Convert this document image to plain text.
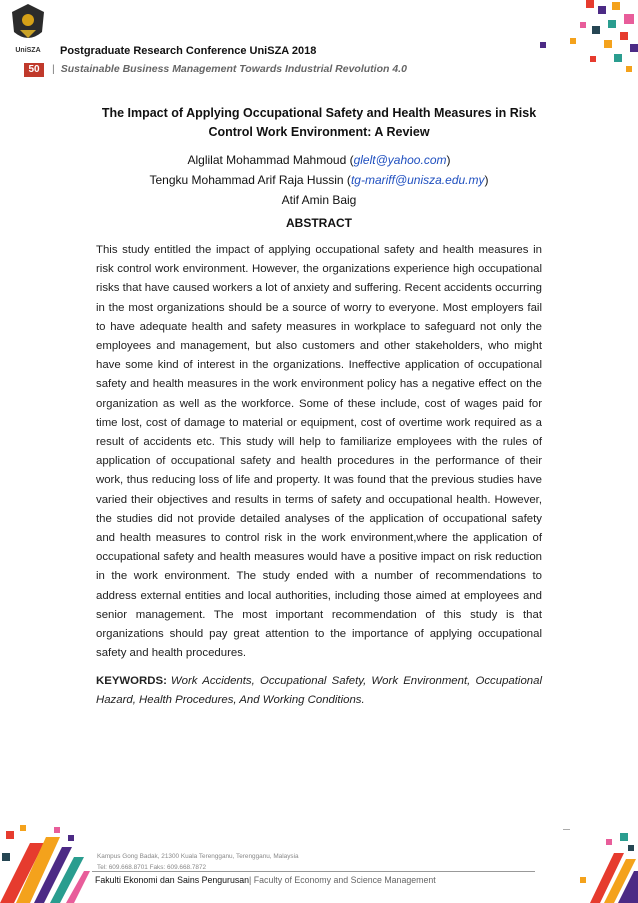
UniSZA Postgraduate Research Conference UniSZA 2018
50	| Sustainable Business Management Towards Industrial Revolution 4.0
The Impact of Applying Occupational Safety and Health Measures in Risk Control Work Environment: A Review
Alglilat Mohammad Mahmoud (glelt@yahoo.com)
Tengku Mohammad Arif Raja Hussin (tg-mariff@unisza.edu.my)
Atif Amin Baig
ABSTRACT

This study entitled the impact of applying occupational safety and health measures in risk control work environment. However, the organizations experience high occupational risks that have caused workers a lot of anxiety and suffering. Recent accidents occurring in the most organizations should be a source of worry to everyone. Most employers fail to have adequate health and safety measures in workplace to safeguard not only the employees and management, but also customers and other stakeholders, who might have some kind of interest in the organizations. Ineffective application of occupational safety and health measures in the work environment policy has a negative effect on the organization as well as the workforce. Some of these include, cost of wages paid for time lost, cost of damage to material or equipment, cost of overtime work required as a result of accidents etc. This study will help to familiarize employees with the rules of application of occupational safety and health procedures in the performance of their work, thus reducing loss of life and property. It was found that the previous studies have varied their objectives and results in terms of safety and occupational health. However, the studies did not provide detailed analyses of the application of occupational safety and health measures to control risk in the work environment,where the application of occupational safety and health measures would have a positive impact on risk reduction in the work environment. The study ended with a number of recommendations to address external entities and local authorities, including those aimed at employees and senior management. The most important recommendation of this study is that organizations should pay great attention to the importance of applying occupational safety and health procedures.

KEYWORDS: Work Accidents, Occupational Safety, Work Environment, Occupational Hazard, Health Procedures, And Working Conditions.

Kampus Gong Badak, 21300 Kuala Terengganu, Terengganu, Malaysia
Tel: 609.668.8701 Faks: 609.668.7872
Fakulti Ekonomi dan Sains Pengurusan| Faculty of Economy and Science Management
